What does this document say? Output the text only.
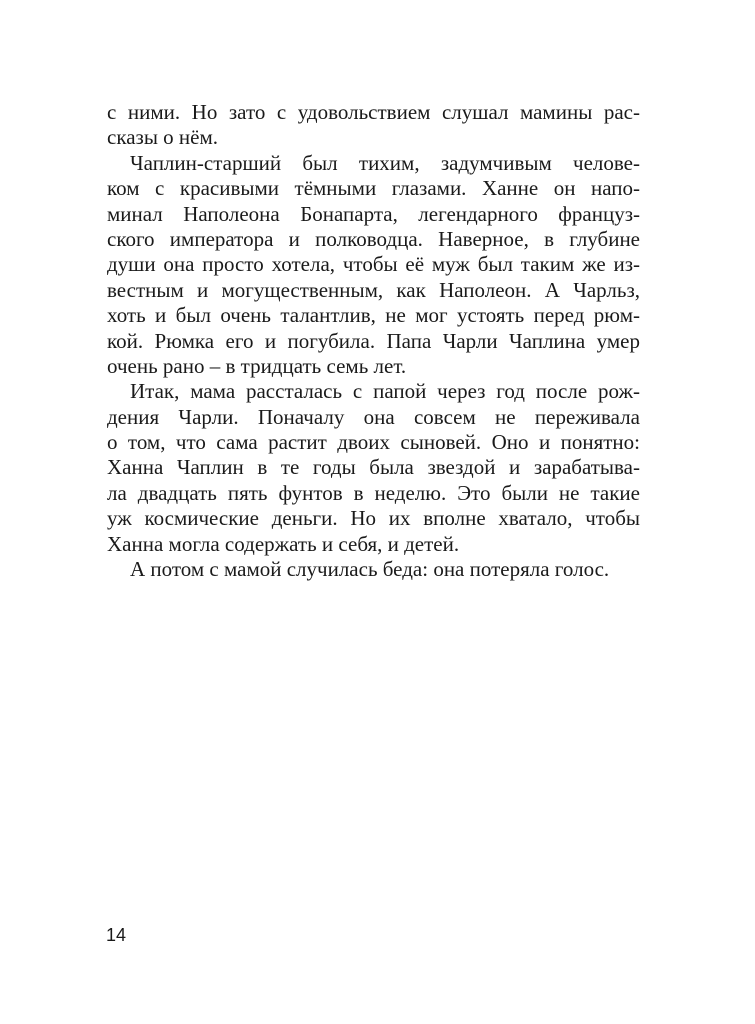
с ними. Но зато с удовольствием слушал мамины рас-
сказы о нём.
Чаплин-старший был тихим, задумчивым челове-
ком с красивыми тёмными глазами. Ханне он напо-
минал Наполеона Бонапарта, легендарного француз-
ского императора и полководца. Наверное, в глубине
души она просто хотела, чтобы её муж был таким же из-
вестным и могущественным, как Наполеон. А Чарльз,
хоть и был очень талантлив, не мог устоять перед рюм-
кой. Рюмка его и погубила. Папа Чарли Чаплина умер
очень рано – в тридцать семь лет.
Итак, мама рассталась с папой через год после рож-
дения Чарли. Поначалу она совсем не переживала
о том, что сама растит двоих сыновей. Оно и понятно:
Ханна Чаплин в те годы была звездой и зарабатыва-
ла двадцать пять фунтов в неделю. Это были не такие
уж космические деньги. Но их вполне хватало, чтобы
Ханна могла содержать и себя, и детей.
А потом с мамой случилась беда: она потеряла голос.
14
